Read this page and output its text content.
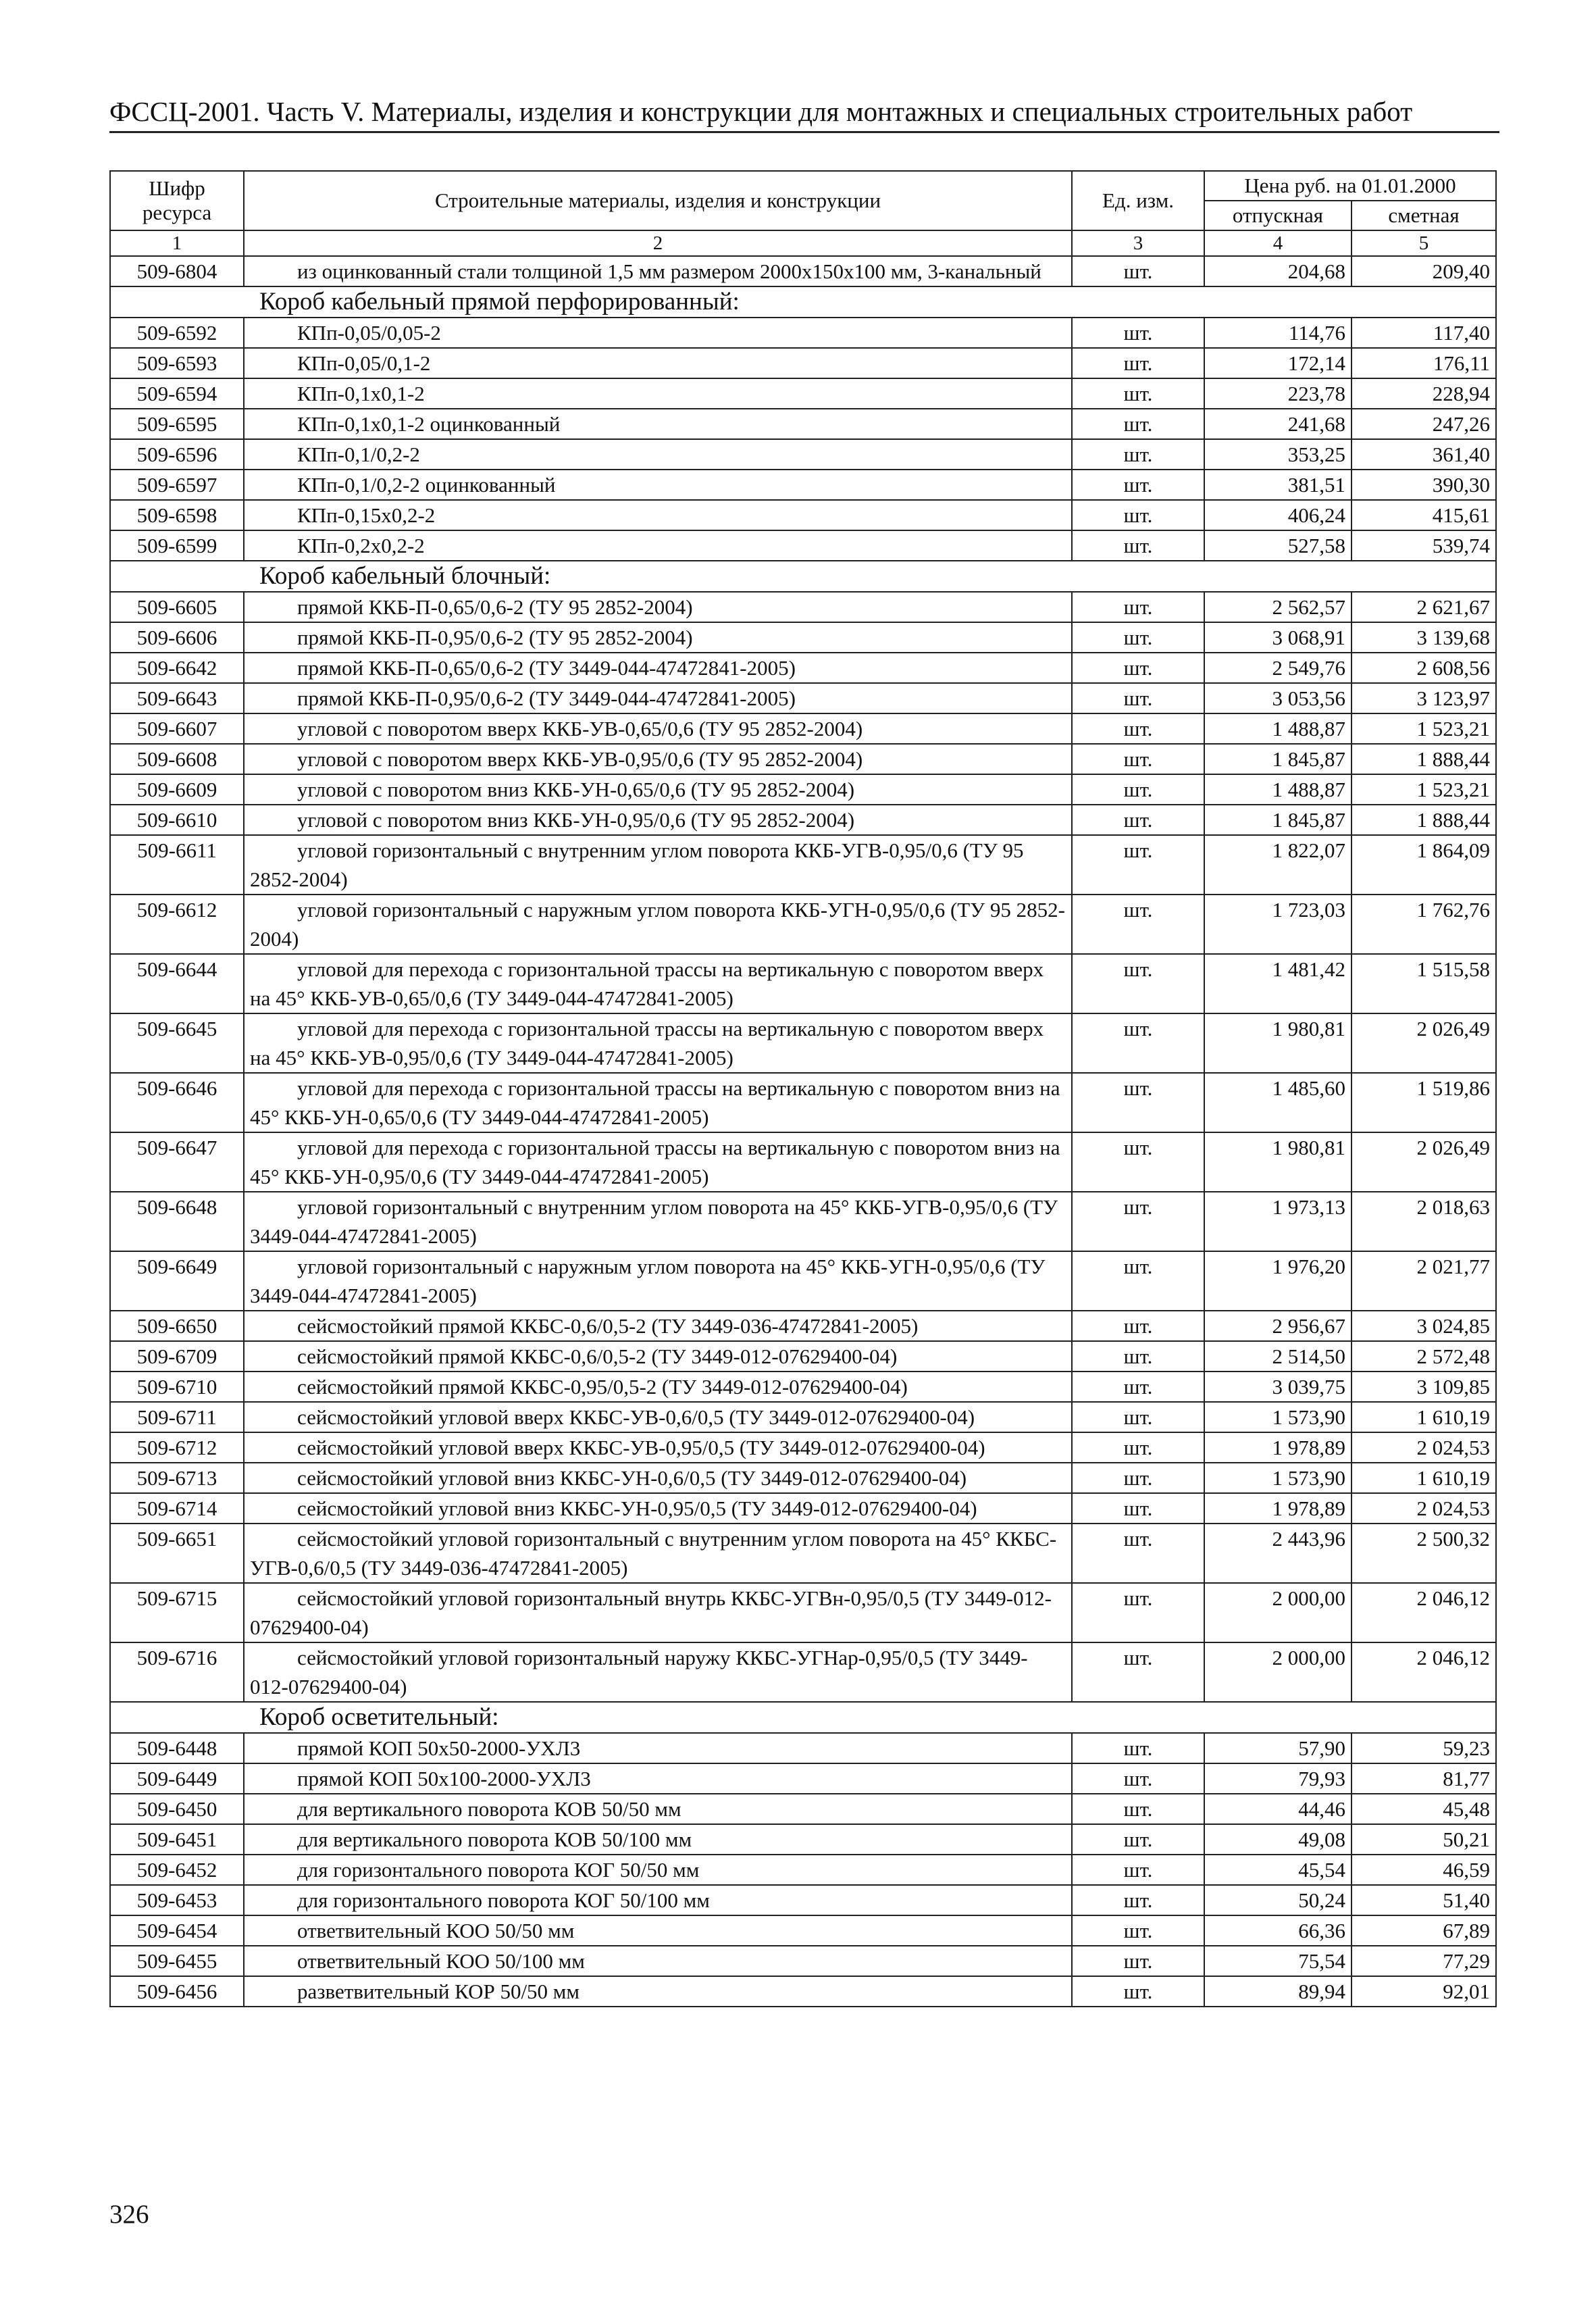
ФССЦ-2001. Часть V. Материалы, изделия и конструкции для монтажных и специальных строительных работ
Шифр ресурса	Строительные материалы, изделия и конструкции	Ед. изм.	Цена руб. на 01.01.2000	
			отпускная	сметная
1	2	3	4	5
509-6804	из оцинкованный стали толщиной 1,5 мм размером 2000x150x100 мм, 3-канальный	шт.	204,68	209,40
Короб кабельный прямой перфорированный:				
509-6592	КПп-0,05/0,05-2	шт.	114,76	117,40
509-6593	КПп-0,05/0,1-2	шт.	172,14	176,11
509-6594	КПп-0,1x0,1-2	шт.	223,78	228,94
509-6595	КПп-0,1x0,1-2 оцинкованный	шт.	241,68	247,26
509-6596	КПп-0,1/0,2-2	шт.	353,25	361,40
509-6597	КПп-0,1/0,2-2 оцинкованный	шт.	381,51	390,30
509-6598	КПп-0,15x0,2-2	шт.	406,24	415,61
509-6599	КПп-0,2x0,2-2	шт.	527,58	539,74
Короб кабельный блочный:				
509-6605	прямой ККБ-П-0,65/0,6-2 (ТУ 95 2852-2004)	шт.	2 562,57	2 621,67
509-6606	прямой ККБ-П-0,95/0,6-2 (ТУ 95 2852-2004)	шт.	3 068,91	3 139,68
509-6642	прямой ККБ-П-0,65/0,6-2 (ТУ 3449-044-47472841-2005)	шт.	2 549,76	2 608,56
509-6643	прямой ККБ-П-0,95/0,6-2 (ТУ 3449-044-47472841-2005)	шт.	3 053,56	3 123,97
509-6607	угловой с поворотом вверх ККБ-УВ-0,65/0,6 (ТУ 95 2852-2004)	шт.	1 488,87	1 523,21
509-6608	угловой с поворотом вверх ККБ-УВ-0,95/0,6 (ТУ 95 2852-2004)	шт.	1 845,87	1 888,44
509-6609	угловой с поворотом вниз ККБ-УН-0,65/0,6 (ТУ 95 2852-2004)	шт.	1 488,87	1 523,21
509-6610	угловой с поворотом вниз ККБ-УН-0,95/0,6 (ТУ 95 2852-2004)	шт.	1 845,87	1 888,44
509-6611	угловой горизонтальный с внутренним углом поворота ККБ-УГВ-0,95/0,6 (ТУ 95 2852-2004)	шт.	1 822,07	1 864,09
509-6612	угловой горизонтальный с наружным углом поворота ККБ-УГН-0,95/0,6 (ТУ 95 2852-2004)	шт.	1 723,03	1 762,76
509-6644	угловой для перехода с горизонтальной трассы на вертикальную с поворотом вверх на 45° ККБ-УВ-0,65/0,6 (ТУ 3449-044-47472841-2005)	шт.	1 481,42	1 515,58
509-6645	угловой для перехода с горизонтальной трассы на вертикальную с поворотом вверх на 45° ККБ-УВ-0,95/0,6 (ТУ 3449-044-47472841-2005)	шт.	1 980,81	2 026,49
509-6646	угловой для перехода с горизонтальной трассы на вертикальную с поворотом вниз на 45° ККБ-УН-0,65/0,6 (ТУ 3449-044-47472841-2005)	шт.	1 485,60	1 519,86
509-6647	угловой для перехода с горизонтальной трассы на вертикальную с поворотом вниз на 45° ККБ-УН-0,95/0,6 (ТУ 3449-044-47472841-2005)	шт.	1 980,81	2 026,49
509-6648	угловой горизонтальный с внутренним углом поворота на 45° ККБ-УГВ-0,95/0,6 (ТУ 3449-044-47472841-2005)	шт.	1 973,13	2 018,63
509-6649	угловой горизонтальный с наружным углом поворота на 45° ККБ-УГН-0,95/0,6 (ТУ 3449-044-47472841-2005)	шт.	1 976,20	2 021,77
509-6650	сейсмостойкий прямой ККБС-0,6/0,5-2 (ТУ 3449-036-47472841-2005)	шт.	2 956,67	3 024,85
509-6709	сейсмостойкий прямой ККБС-0,6/0,5-2 (ТУ 3449-012-07629400-04)	шт.	2 514,50	2 572,48
509-6710	сейсмостойкий прямой ККБС-0,95/0,5-2 (ТУ 3449-012-07629400-04)	шт.	3 039,75	3 109,85
509-6711	сейсмостойкий угловой вверх ККБС-УВ-0,6/0,5 (ТУ 3449-012-07629400-04)	шт.	1 573,90	1 610,19
509-6712	сейсмостойкий угловой вверх ККБС-УВ-0,95/0,5 (ТУ 3449-012-07629400-04)	шт.	1 978,89	2 024,53
509-6713	сейсмостойкий угловой вниз ККБС-УН-0,6/0,5 (ТУ 3449-012-07629400-04)	шт.	1 573,90	1 610,19
509-6714	сейсмостойкий угловой вниз ККБС-УН-0,95/0,5 (ТУ 3449-012-07629400-04)	шт.	1 978,89	2 024,53
509-6651	сейсмостойкий угловой горизонтальный с внутренним углом поворота на 45° ККБС-УГВ-0,6/0,5 (ТУ 3449-036-47472841-2005)	шт.	2 443,96	2 500,32
509-6715	сейсмостойкий угловой горизонтальный внутрь ККБС-УГВн-0,95/0,5 (ТУ 3449-012-07629400-04)	шт.	2 000,00	2 046,12
509-6716	сейсмостойкий угловой горизонтальный наружу ККБС-УГНар-0,95/0,5 (ТУ 3449-012-07629400-04)	шт.	2 000,00	2 046,12
Короб осветительный:				
509-6448	прямой КОП 50x50-2000-УХЛ3	шт.	57,90	59,23
509-6449	прямой КОП 50x100-2000-УХЛ3	шт.	79,93	81,77
509-6450	для вертикального поворота КОВ 50/50 мм	шт.	44,46	45,48
509-6451	для вертикального поворота КОВ 50/100 мм	шт.	49,08	50,21
509-6452	для горизонтального поворота КОГ 50/50 мм	шт.	45,54	46,59
509-6453	для горизонтального поворота КОГ 50/100 мм	шт.	50,24	51,40
509-6454	ответвительный КОО 50/50 мм	шт.	66,36	67,89
509-6455	ответвительный КОО 50/100 мм	шт.	75,54	77,29
509-6456	разветвительный КОР 50/50 мм	шт.	89,94	92,01
326
